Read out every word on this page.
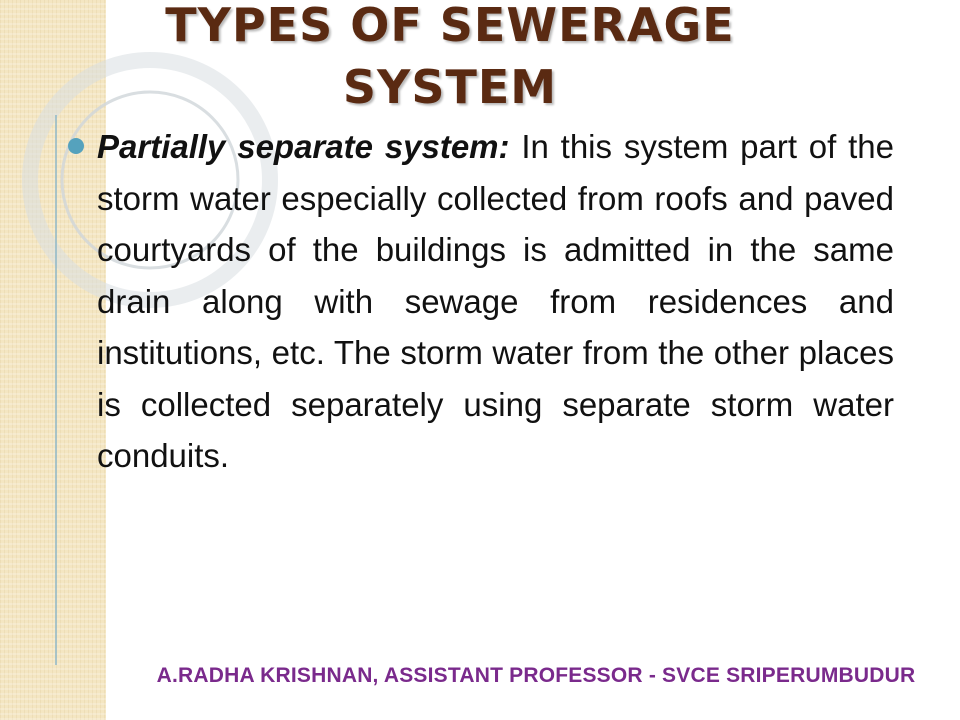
TYPES OF SEWERAGE SYSTEM

Partially separate system: In this system part of the storm water especially collected from roofs and paved courtyards of the buildings is admitted in the same drain along with sewage from residences and institutions, etc. The storm water from the other places is collected separately using separate storm water conduits.

A.RADHA KRISHNAN, ASSISTANT PROFESSOR - SVCE SRIPERUMBUDUR
